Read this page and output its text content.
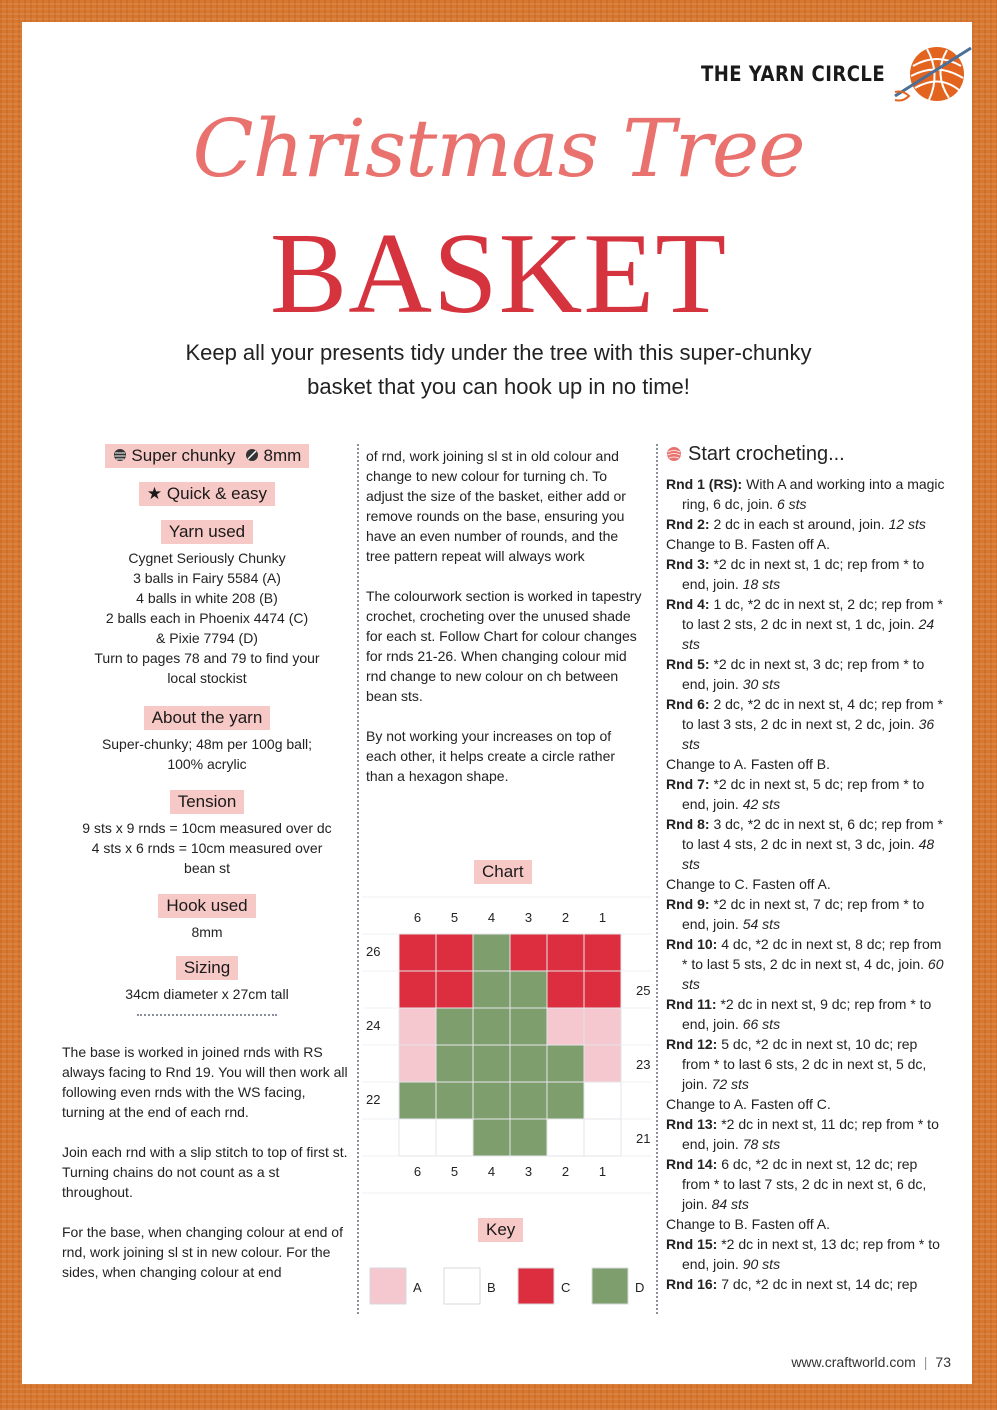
THE YARN CIRCLE
Christmas Tree
BASKET
Keep all your presents tidy under the tree with this super-chunky
basket that you can hook up in no time!
Super chunky 8mm
★ Quick & easy
Yarn used
Cygnet Seriously Chunky
3 balls in Fairy 5584 (A)
4 balls in white 208 (B)
2 balls each in Phoenix 4474 (C)
& Pixie 7794 (D)
Turn to pages 78 and 79 to find your
local stockist
About the yarn
Super-chunky; 48m per 100g ball;
100% acrylic
Tension
9 sts x 9 rnds = 10cm measured over dc
4 sts x 6 rnds = 10cm measured over
bean st
Hook used
8mm
Sizing
34cm diameter x 27cm tall

The base is worked in joined rnds with RS always facing to Rnd 19. You will then work all following even rnds with the WS facing, turning at the end of each rnd.

Join each rnd with a slip stitch to top of first st. Turning chains do not count as a st throughout.

For the base, when changing colour at end of rnd, work joining sl st in new colour. For the sides, when changing colour at end

of rnd, work joining sl st in old colour and change to new colour for turning ch. To adjust the size of the basket, either add or remove rounds on the base, ensuring you have an even number of rounds, and the tree pattern repeat will always work

The colourwork section is worked in tapestry crochet, crocheting over the unused shade for each st. Follow Chart for colour changes for rnds 21-26. When changing colour mid rnd change to new colour on ch between bean sts.

By not working your increases on top of each other, it helps create a circle rather than a hexagon shape.

Chart
6
6
5
5
4
4
3
3
2
2
1
1
26
24
22
25
23
21
Key
A	B	C	D
Start crocheting...
Rnd 1 (RS): With A and working into a magic ring, 6 dc, join. 6 sts
Rnd 2: 2 dc in each st around, join. 12 sts
Change to B. Fasten off A.
Rnd 3: *2 dc in next st, 1 dc; rep from * to end, join. 18 sts
Rnd 4: 1 dc, *2 dc in next st, 2 dc; rep from * to last 2 sts, 2 dc in next st, 1 dc, join. 24 sts
Rnd 5: *2 dc in next st, 3 dc; rep from * to end, join. 30 sts
Rnd 6: 2 dc, *2 dc in next st, 4 dc; rep from * to last 3 sts, 2 dc in next st, 2 dc, join. 36 sts
Change to A. Fasten off B.
Rnd 7: *2 dc in next st, 5 dc; rep from * to end, join. 42 sts
Rnd 8: 3 dc, *2 dc in next st, 6 dc; rep from * to last 4 sts, 2 dc in next st, 3 dc, join. 48 sts
Change to C. Fasten off A.
Rnd 9: *2 dc in next st, 7 dc; rep from * to end, join. 54 sts
Rnd 10: 4 dc, *2 dc in next st, 8 dc; rep from * to last 5 sts, 2 dc in next st, 4 dc, join. 60 sts
Rnd 11: *2 dc in next st, 9 dc; rep from * to end, join. 66 sts
Rnd 12: 5 dc, *2 dc in next st, 10 dc; rep from * to last 6 sts, 2 dc in next st, 5 dc, join. 72 sts
Change to A. Fasten off C.
Rnd 13: *2 dc in next st, 11 dc; rep from * to end, join. 78 sts
Rnd 14: 6 dc, *2 dc in next st, 12 dc; rep from * to last 7 sts, 2 dc in next st, 6 dc, join. 84 sts
Change to B. Fasten off A.
Rnd 15: *2 dc in next st, 13 dc; rep from * to end, join. 90 sts
Rnd 16: 7 dc, *2 dc in next st, 14 dc; rep
www.craftworld.com | 73
